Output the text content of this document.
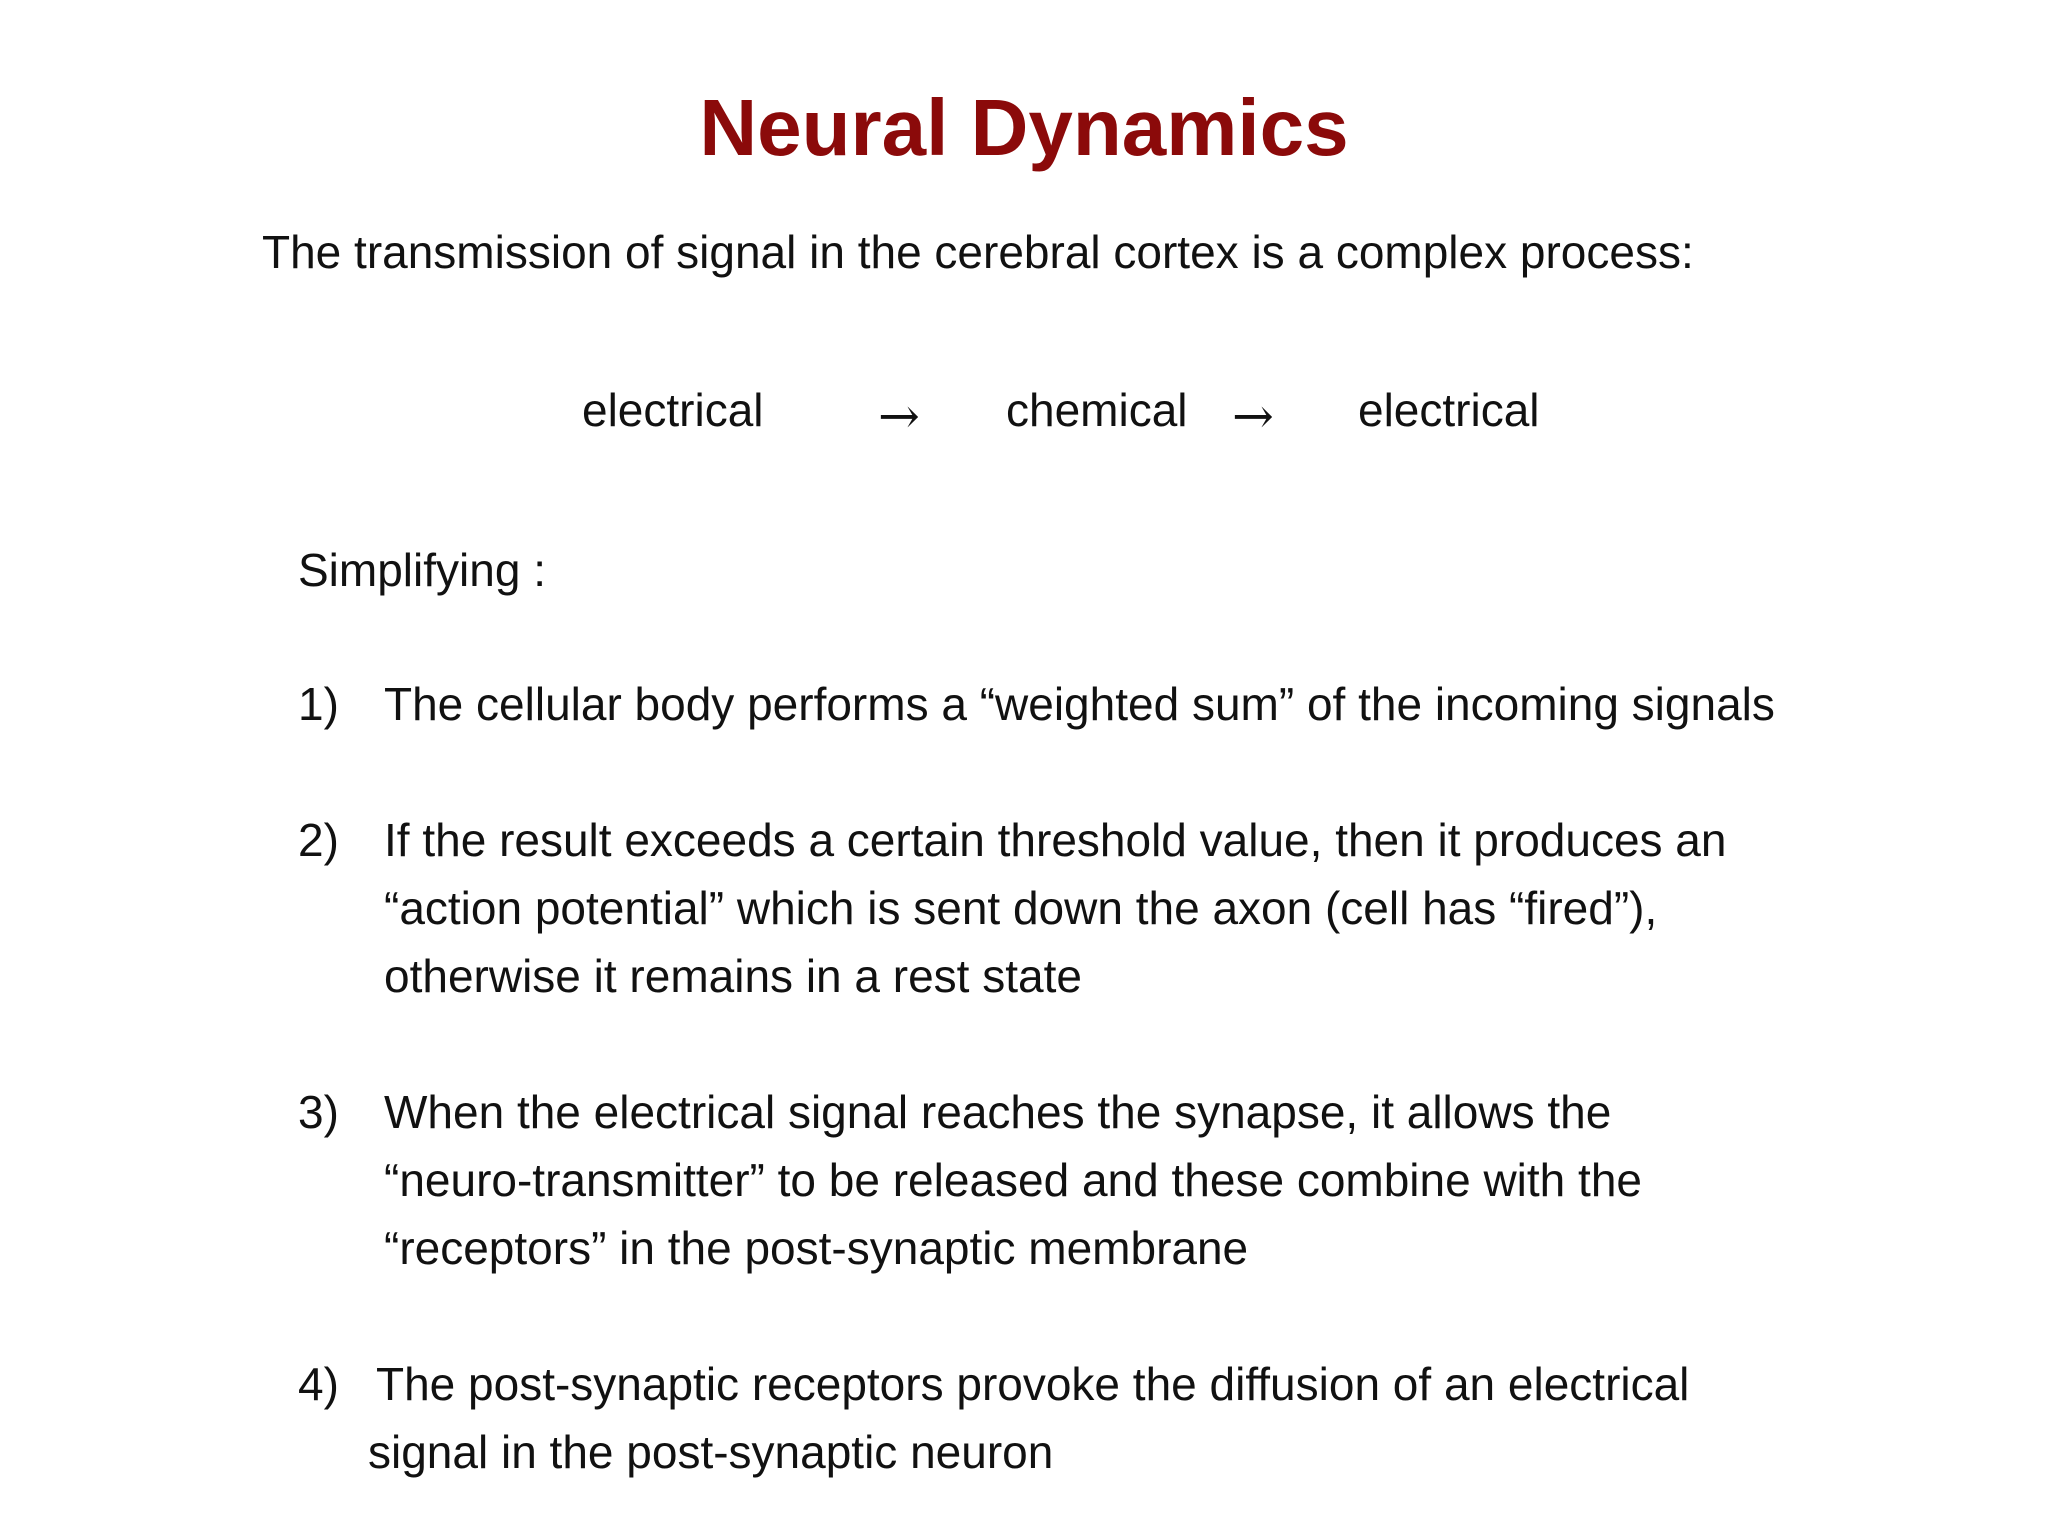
Neural Dynamics
The transmission of signal in the cerebral cortex is a complex process:
electrical → chemical → electrical
Simplifying :
1) The cellular body performs a “weighted sum” of the incoming signals
2) If the result exceeds a certain threshold value, then it produces an
“action potential” which is sent down the axon (cell has “fired”),
otherwise it remains in a rest state
3) When the electrical signal reaches the synapse, it allows the
“neuro-transmitter” to be released and these combine with the
“receptors” in the post-synaptic membrane
4) The post-synaptic receptors provoke the diffusion of an electrical
signal in the post-synaptic neuron
